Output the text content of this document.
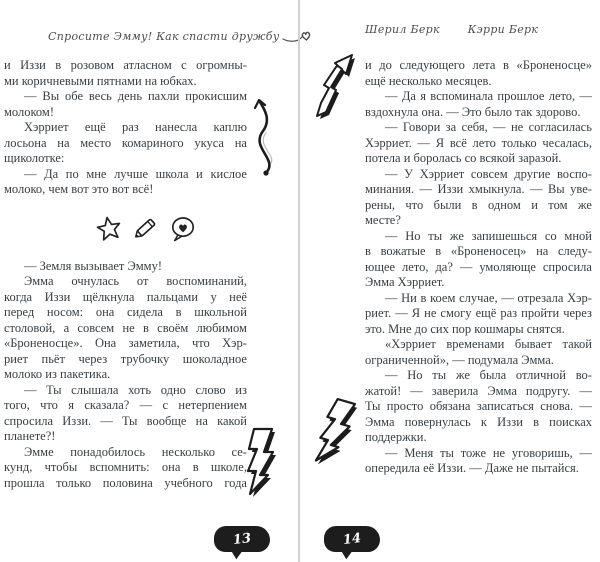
Спросите Эмму! Как спасти дружбу
и Иззи в розовом атласном с огромны-
ми коричневыми пятнами на юбках.
— Вы обе весь день пахли прокисшим
молоком!
Хэрриет ещё раз нанесла каплю
лосьона на место комариного укуса на
щиколотке:
— Да по мне лучше школа и кислое
молоко, чем вот это вот всё!
— Земля вызывает Эмму!
Эмма очнулась от воспоминаний,
когда Иззи щёлкнула пальцами у неё
перед носом: она сидела в школьной
столовой, а совсем не в своём любимом
«Броненосце». Она заметила, что Хэр-
риет пьёт через трубочку шоколадное
молоко из пакетика.
— Ты слышала хоть одно слово из
того, что я сказала? — с нетерпением
спросила Иззи. — Ты вообще на какой
планете?!
Эмме понадобилось несколько се-
кунд, чтобы вспомнить: она в школе,
прошла только половина учебного года
13
Шерил Берк	Кэрри Берк
и до следующего лета в «Броненосце»
ещё несколько месяцев.
— Да я вспоминала прошлое лето, —
вздохнула она. — Это было так здорово.
— Говори за себя, — не согласилась
Хэрриет. — Я всё лето только чесалась,
потела и боролась со всякой заразой.
— У Хэрриет совсем другие воспо-
минания. — Иззи хмыкнула. — Вы уве-
рены, что были в одном и том же
месте?
— Но ты же запишешься со мной
в вожатые в «Броненосец» на следу-
ющее лето, да? — умоляюще спросила
Эмма Хэрриет.
— Ни в коем случае, — отрезала Хэр-
риет. — Я не смогу ещё раз пройти через
это. Мне до сих пор кошмары снятся.
«Хэрриет временами бывает такой
ограниченной», — подумала Эмма.
— Но ты же была отличной во-
жатой! — заверила Эмма подругу. —
Ты просто обязана записаться снова. —
Эмма повернулась к Иззи в поисках
поддержки.
— Меня ты тоже не уговоришь, —
опередила её Иззи. — Даже не пытайся.
14
